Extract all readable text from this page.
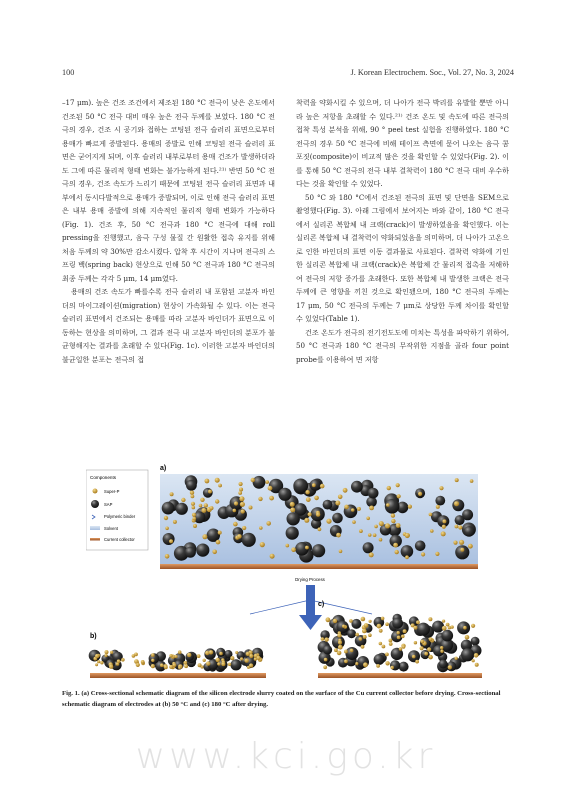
100	J. Korean Electrochem. Soc., Vol. 27, No. 3, 2024

–17 μm). 높은 건조 조건에서 제조된 180 °C 전극이 낮은 온도에서 건조된 50 °C 전극 대비 매우 높은 전극 두께를 보였다. 180 °C 전극의 경우, 건조 시 공기와 접하는 코팅된 전극 슬러리 표면으로부터 용매가 빠르게 증발된다. 용매의 증발로 인해 코팅된 전극 슬러리 표면은 굳어지게 되며, 이후 슬러리 내부로부터 용매 건조가 발생하더라도 그에 따른 물리적 형태 변화는 불가능하게 된다.²¹⁾ 반면 50 °C 전극의 경우, 건조 속도가 느리기 때문에 코팅된 전극 슬러리 표면과 내부에서 동시다발적으로 용매가 증발되며, 이로 인해 전극 슬러리 표면은 내부 용매 증발에 의해 지속적인 물리적 형태 변화가 가능하다(Fig. 1). 건조 후, 50 °C 전극과 180 °C 전극에 대해 roll pressing을 진행했고, 음극 구성 물질 간 원활한 접촉 유지를 위해 처음 두께의 약 30%만 감소시켰다. 압착 후 시간이 지나며 전극의 스프링 백(spring back) 현상으로 인해 50 °C 전극과 180 °C 전극의 최종 두께는 각각 5 μm, 14 μm였다.

용매의 건조 속도가 빠를수록 전극 슬러리 내 포함된 고분자 바인더의 마이그레이션(migration) 현상이 가속화될 수 있다. 이는 전극 슬러리 표면에서 건조되는 용매를 따라 고분자 바인더가 표면으로 이동하는 현상을 의미하며, 그 결과 전극 내 고분자 바인더의 분포가 불균형해지는 결과를 초래할 수 있다(Fig. 1c). 이러한 고분자 바인더의 불균일한 분포는 전극의 접

착력을 약화시킬 수 있으며, 더 나아가 전극 박리를 유발할 뿐만 아니라 높은 저항을 초래할 수 있다.²¹⁾ 건조 온도 및 속도에 따른 전극의 접착 특성 분석을 위해, 90 ° peel test 실험을 진행하였다. 180 °C 전극의 경우 50 °C 전극에 비해 테이프 측면에 묻어 나오는 음극 콤포짓(composite)이 비교적 많은 것을 확인할 수 있었다(Fig. 2). 이를 통해 50 °C 전극의 전극 내부 결착력이 180 °C 전극 대비 우수하다는 것을 확인할 수 있었다.

50 °C 와 180 °C에서 건조된 전극의 표면 및 단면을 SEM으로 촬영했다(Fig. 3). 아래 그림에서 보여지는 바와 같이, 180 °C 전극에서 실리콘 복합체 내 크랙(crack)이 발생하였음을 확인했다. 이는 실리콘 복합체 내 결착력이 약화되었음을 의미하며, 더 나아가 고온으로 인한 바인더의 표면 이동 결과물로 사료된다. 결착력 약화에 기인한 실리콘 복합체 내 크랙(crack)은 복합체 간 물리적 접촉을 저해하여 전극의 저항 증가를 초래한다. 또한 복합체 내 발생한 크랙은 전극 두께에 큰 영향을 끼친 것으로 확인됐으며, 180 °C 전극의 두께는 17 μm, 50 °C 전극의 두께는 7 μm로 상당한 두께 차이를 확인할 수 있었다(Table 1).

건조 온도가 전극의 전기전도도에 미치는 특성을 파악하기 위하여, 50 °C 전극과 180 °C 전극의 무작위한 지점을 골라 four point probe를 이용하여 면 저항

a)
Components
Super-P
SAP
Polymeric binder
Solvent
Current collector
Drying Process
50 °C	180 °C
b)
c)
Fig. 1. (a) Cross-sectional schematic diagram of the silicon electrode slurry coated on the surface of the Cu current collector before drying. Cross-sectional schematic diagram of electrodes at (b) 50 °C and (c) 180 °C after drying.
www.kci.go.kr
